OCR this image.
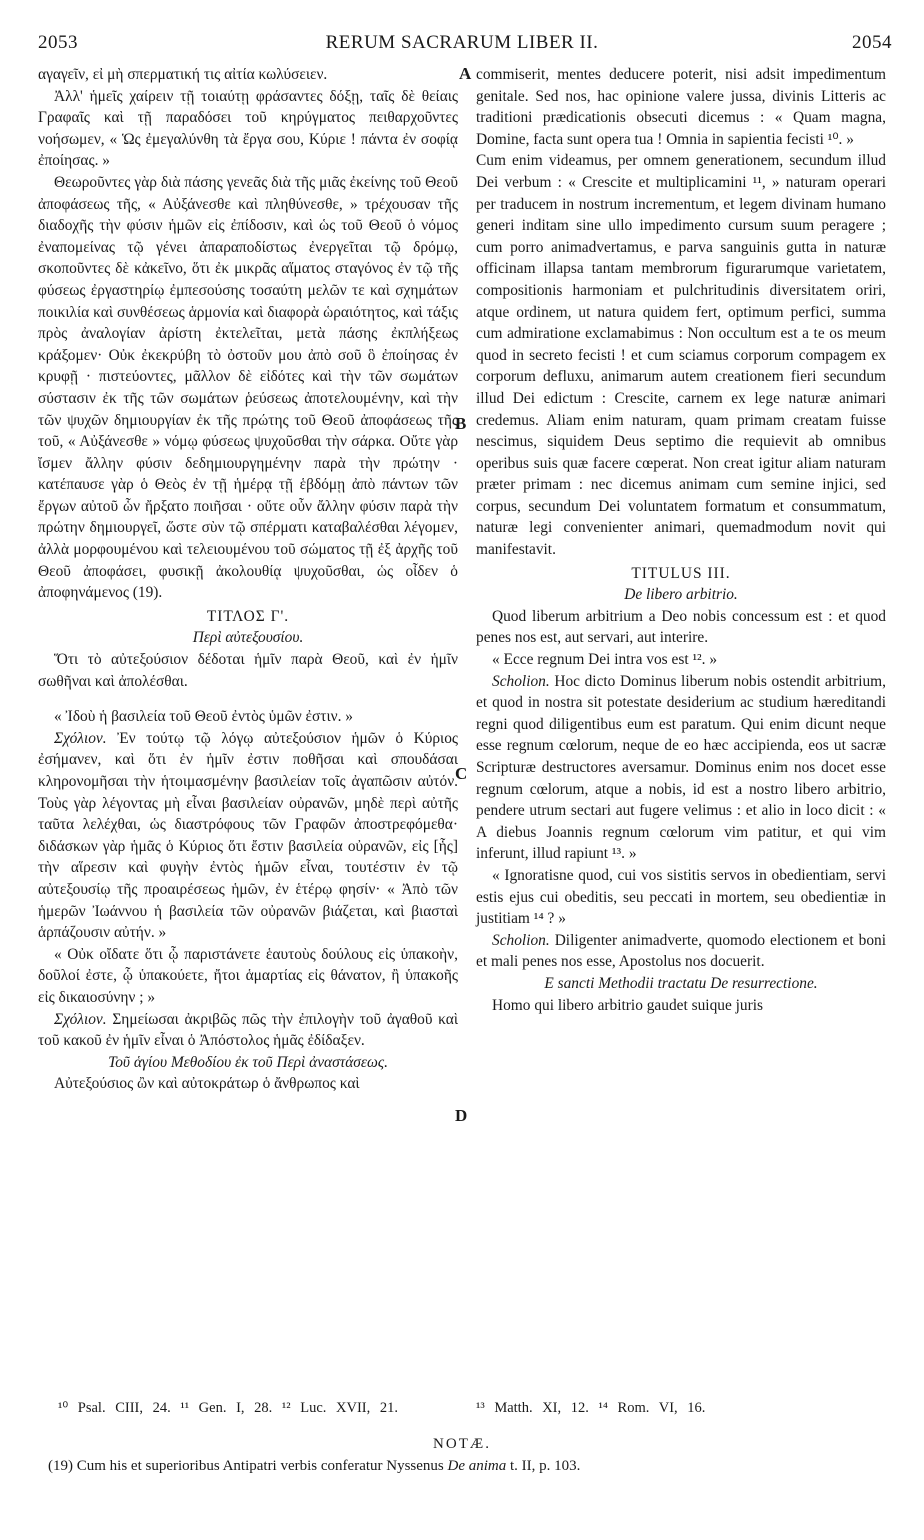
2053	RERUM SACRARUM LIBER II.	2054

αγαγεῖν, εἰ μὴ σπερματική τις αἰτία κωλύσειεν.

Ἀλλ' ἡμεῖς χαίρειν τῇ τοιαύτῃ φράσαντες δόξῃ, ταῖς δὲ θείαις Γραφαῖς καὶ τῇ παραδόσει τοῦ κηρύγματος πειθαρχοῦντες νοήσωμεν, « Ὡς ἐμεγαλύνθη τὰ ἔργα σου, Κύριε ! πάντα ἐν σοφίᾳ ἐποίησας. »

Θεωροῦντες γὰρ διὰ πάσης γενεᾶς διὰ τῆς μιᾶς ἐκείνης τοῦ Θεοῦ ἀποφάσεως τῆς, « Αὐξάνεσθε καὶ πληθύνεσθε, » τρέχουσαν τῆς διαδοχῆς τὴν φύσιν ἡμῶν εἰς ἐπίδοσιν, καὶ ὡς τοῦ Θεοῦ ὁ νόμος ἐναπομείνας τῷ γένει ἀπαραποδίστως ἐνεργεῖται τῷ δρόμῳ, σκοποῦντες δὲ κἀκεῖνο, ὅτι ἐκ μικρᾶς αἵματος σταγόνος ἐν τῷ τῆς φύσεως ἐργαστηρίῳ ἐμπεσούσης τοσαύτη μελῶν τε καὶ σχημάτων ποικιλία καὶ συνθέσεως ἁρμονία καὶ διαφορὰ ὡραιότητος, καὶ τάξις πρὸς ἀναλογίαν ἀρίστη ἐκτελεῖται, μετὰ πάσης ἐκπλήξεως κράξομεν· Οὐκ ἐκεκρύβη τὸ ὀστοῦν μου ἀπὸ σοῦ ὃ ἐποίησας ἐν κρυφῇ · πιστεύοντες, μᾶλλον δὲ εἰδότες καὶ τὴν τῶν σωμάτων σύστασιν ἐκ τῆς τῶν σωμάτων ῥεύσεως ἀποτελουμένην, καὶ τὴν τῶν ψυχῶν δημιουργίαν ἐκ τῆς πρώτης τοῦ Θεοῦ ἀποφάσεως τῆς τοῦ, « Αὐξάνεσθε » νόμῳ φύσεως ψυχοῦσθαι τὴν σάρκα. Οὔτε γὰρ ἴσμεν ἄλλην φύσιν δεδημιουργημένην παρὰ τὴν πρώτην · κατέπαυσε γὰρ ὁ Θεὸς ἐν τῇ ἡμέρᾳ τῇ ἑβδόμῃ ἀπὸ πάντων τῶν ἔργων αὐτοῦ ὧν ἤρξατο ποιῆσαι · οὔτε οὖν ἄλλην φύσιν παρὰ τὴν πρώτην δημιουργεῖ, ὥστε σὺν τῷ σπέρματι καταβαλέσθαι λέγομεν, ἀλλὰ μορφουμένου καὶ τελειουμένου τοῦ σώματος τῇ ἐξ ἀρχῆς τοῦ Θεοῦ ἀποφάσει, φυσικῇ ἀκολουθίᾳ ψυχοῦσθαι, ὡς οἶδεν ὁ ἀποφηνάμενος (19).

ΤΙΤΛΟΣ Γ'.

Περὶ αὐτεξουσίου.

Ὅτι τὸ αὐτεξούσιον δέδοται ἡμῖν παρὰ Θεοῦ, καὶ ἐν ἡμῖν σωθῆναι καὶ ἀπολέσθαι.

« Ἰδοὺ ἡ βασιλεία τοῦ Θεοῦ ἐντὸς ὑμῶν ἐστιν. »

Σχόλιον. Ἐν τούτῳ τῷ λόγῳ αὐτεξούσιον ἡμῶν ὁ Κύριος ἐσήμανεν, καὶ ὅτι ἐν ἡμῖν ἐστιν ποθῆσαι καὶ σπουδάσαι κληρονομῆσαι τὴν ἡτοιμασμένην βασιλείαν τοῖς ἀγαπῶσιν αὐτόν. Τοὺς γὰρ λέγοντας μὴ εἶναι βασιλείαν οὐρανῶν, μηδὲ περὶ αὐτῆς ταῦτα λελέχθαι, ὡς διαστρόφους τῶν Γραφῶν ἀποστρεφόμεθα· διδάσκων γὰρ ἡμᾶς ὁ Κύριος ὅτι ἔστιν βασιλεία οὐρανῶν, εἰς [ἧς] τὴν αἵρεσιν καὶ φυγὴν ἐντὸς ἡμῶν εἶναι, τουτέστιν ἐν τῷ αὐτεξουσίῳ τῆς προαιρέσεως ἡμῶν, ἐν ἑτέρῳ φησίν· « Ἀπὸ τῶν ἡμερῶν Ἰωάννου ἡ βασιλεία τῶν οὐρανῶν βιάζεται, καὶ βιασταὶ ἁρπάζουσιν αὐτήν. »

« Οὐκ οἴδατε ὅτι ᾧ παριστάνετε ἑαυτοὺς δούλους εἰς ὑπακοὴν, δοῦλοί ἐστε, ᾧ ὑπακούετε, ἤτοι ἁμαρτίας εἰς θάνατον, ἢ ὑπακοῆς εἰς δικαιοσύνην ; »

Σχόλιον. Σημείωσαι ἀκριβῶς πῶς τὴν ἐπιλογὴν τοῦ ἀγαθοῦ καὶ τοῦ κακοῦ ἐν ἡμῖν εἶναι ὁ Ἀπόστολος ἡμᾶς ἐδίδαξεν.

Τοῦ ἁγίου Μεθοδίου ἐκ τοῦ Περὶ ἀναστάσεως.

Αὐτεξούσιος ὢν καὶ αὐτοκράτωρ ὁ ἄνθρωπος καὶ

commiserit, mentes deducere poterit, nisi adsit impedimentum genitale. Sed nos, hac opinione valere jussa, divinis Litteris ac traditioni prædicationis obsecuti dicemus : « Quam magna, Domine, facta sunt opera tua ! Omnia in sapientia fecisti ¹⁰. »

Cum enim videamus, per omnem generationem, secundum illud Dei verbum : « Crescite et multiplicamini ¹¹, » naturam operari per traducem in nostrum incrementum, et legem divinam humano generi inditam sine ullo impedimento cursum suum peragere ; cum porro animadvertamus, e parva sanguinis gutta in naturæ officinam illapsa tantam membrorum figurarumque varietatem, compositionis harmoniam et pulchritudinis diversitatem oriri, atque ordinem, ut natura quidem fert, optimum perfici, summa cum admiratione exclamabimus : Non occultum est a te os meum quod in secreto fecisti ! et cum sciamus corporum compagem ex corporum defluxu, animarum autem creationem fieri secundum illud Dei edictum : Crescite, carnem ex lege naturæ animari credemus. Aliam enim naturam, quam primam creatam fuisse nescimus, siquidem Deus septimo die requievit ab omnibus operibus suis quæ facere cœperat. Non creat igitur aliam naturam præter primam : nec dicemus animam cum semine injici, sed corpus, secundum Dei voluntatem formatum et consummatum, naturæ legi convenienter animari, quemadmodum novit qui manifestavit.

TITULUS III.

De libero arbitrio.

Quod liberum arbitrium a Deo nobis concessum est : et quod penes nos est, aut servari, aut interire.

« Ecce regnum Dei intra vos est ¹². »

Scholion. Hoc dicto Dominus liberum nobis ostendit arbitrium, et quod in nostra sit potestate desiderium ac studium hæreditandi regni quod diligentibus eum est paratum. Qui enim dicunt neque esse regnum cœlorum, neque de eo hæc accipienda, eos ut sacræ Scripturæ destructores aversamur. Dominus enim nos docet esse regnum cœlorum, atque a nobis, id est a nostro libero arbitrio, pendere utrum sectari aut fugere velimus : et alio in loco dicit : « A diebus Joannis regnum cœlorum vim patitur, et qui vim inferunt, illud rapiunt ¹³. »

« Ignoratisne quod, cui vos sistitis servos in obedientiam, servi estis ejus cui obeditis, seu peccati in mortem, seu obedientiæ in justitiam ¹⁴ ? »

Scholion. Diligenter animadverte, quomodo electionem et boni et mali penes nos esse, Apostolus nos docuerit.

E sancti Methodii tractatu De resurrectione.

Homo qui libero arbitrio gaudet suique juris

A
B
C
D
¹⁰ Psal. CIII, 24. ¹¹ Gen. I, 28. ¹² Luc. XVII, 21.	¹³ Matth. XI, 12. ¹⁴ Rom. VI, 16.
NOTÆ.
(19) Cum his et superioribus Antipatri verbis conferatur Nyssenus De anima t. II, p. 103.
